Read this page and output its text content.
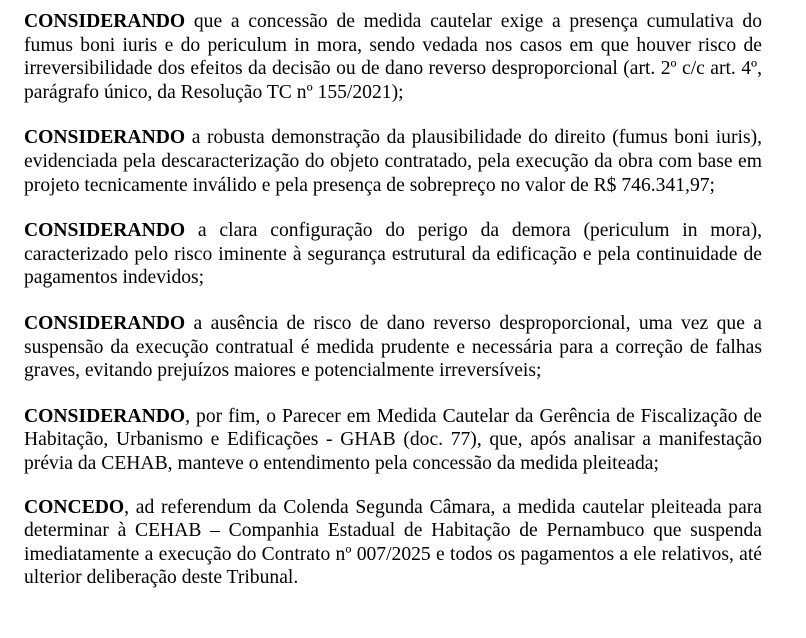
CONSIDERANDO que a concessão de medida cautelar exige a presença cumulativa do fumus boni iuris e do periculum in mora, sendo vedada nos casos em que houver risco de irreversibilidade dos efeitos da decisão ou de dano reverso desproporcional (art. 2º c/c art. 4º, parágrafo único, da Resolução TC nº 155/2021);

CONSIDERANDO a robusta demonstração da plausibilidade do direito (fumus boni iuris), evidenciada pela descaracterização do objeto contratado, pela execução da obra com base em projeto tecnicamente inválido e pela presença de sobrepreço no valor de R$ 746.341,97;

CONSIDERANDO a clara configuração do perigo da demora (periculum in mora), caracterizado pelo risco iminente à segurança estrutural da edificação e pela continuidade de pagamentos indevidos;

CONSIDERANDO a ausência de risco de dano reverso desproporcional, uma vez que a suspensão da execução contratual é medida prudente e necessária para a correção de falhas graves, evitando prejuízos maiores e potencialmente irreversíveis;

CONSIDERANDO, por fim, o Parecer em Medida Cautelar da Gerência de Fiscalização de Habitação, Urbanismo e Edificações - GHAB (doc. 77), que, após analisar a manifestação prévia da CEHAB, manteve o entendimento pela concessão da medida pleiteada;

CONCEDO, ad referendum da Colenda Segunda Câmara, a medida cautelar pleiteada para determinar à CEHAB – Companhia Estadual de Habitação de Pernambuco que suspenda imediatamente a execução do Contrato nº 007/2025 e todos os pagamentos a ele relativos, até ulterior deliberação deste Tribunal.
